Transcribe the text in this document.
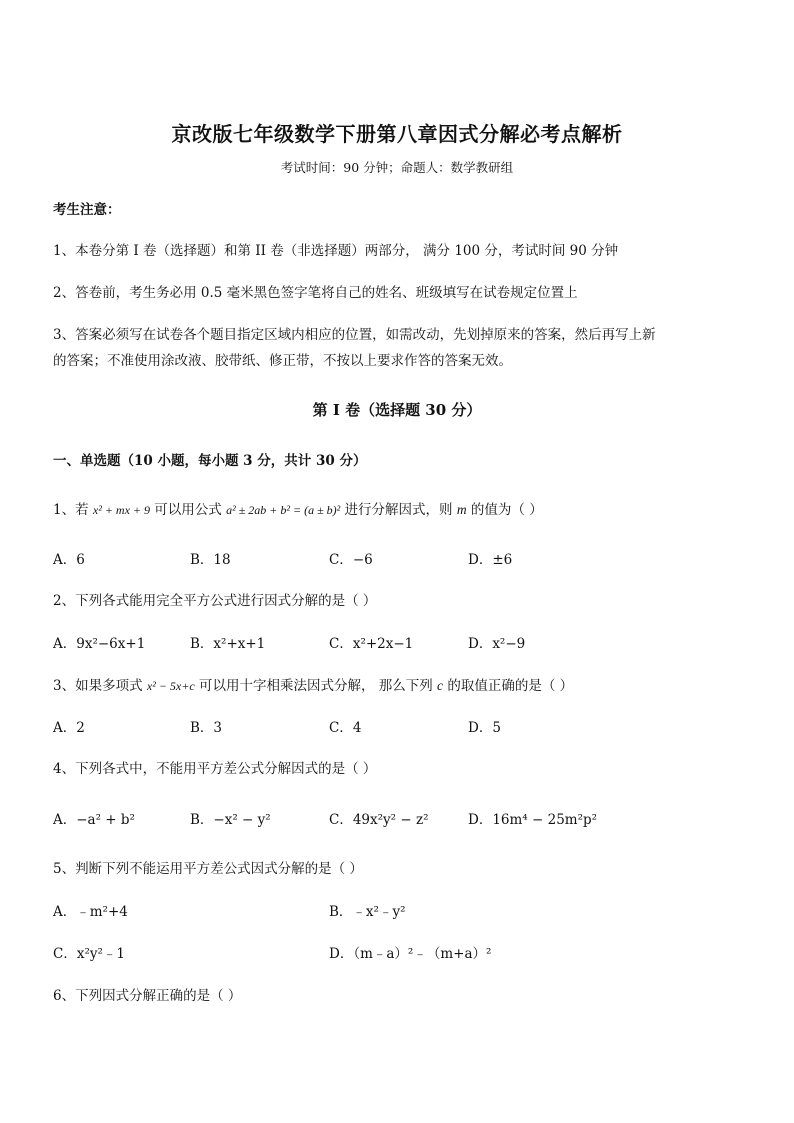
京改版七年级数学下册第八章因式分解必考点解析
考试时间：90 分钟；命题人：数学教研组
考生注意：
1、本卷分第 I 卷（选择题）和第 II 卷（非选择题）两部分， 满分 100 分，考试时间 90 分钟
2、答卷前，考生务必用 0.5 毫米黑色签字笔将自己的姓名、班级填写在试卷规定位置上
3、答案必须写在试卷各个题目指定区域内相应的位置，如需改动，先划掉原来的答案，然后再写上新
的答案；不准使用涂改液、胶带纸、修正带，不按以上要求作答的答案无效。
第 I 卷（选择题 30 分）
一、单选题（10 小题，每小题 3 分，共计 30 分）
1、若 x² + mx + 9 可以用公式 a² ± 2ab + b² = (a ± b)² 进行分解因式，则 m 的值为（ ）
A．6	B．18	C．−6	D．±6
2、下列各式能用完全平方公式进行因式分解的是（ ）
A．9x²−6x+1	B．x²+x+1	C．x²+2x−1	D．x²−9
3、如果多项式 x² − 5x+c 可以用十字相乘法因式分解， 那么下列 c 的取值正确的是（ ）
A．2	B．3	C．4	D．5
4、下列各式中，不能用平方差公式分解因式的是（ ）
A．−a² + b²	B．−x² − y²	C．49x²y² − z²	D．16m⁴ − 25m²p²
5、判断下列不能运用平方差公式因式分解的是（ ）
A．﹣m²+4	B．﹣x²﹣y²
C．x²y²﹣1	D．（m﹣a）²﹣（m+a）²
6、下列因式分解正确的是（ ）
